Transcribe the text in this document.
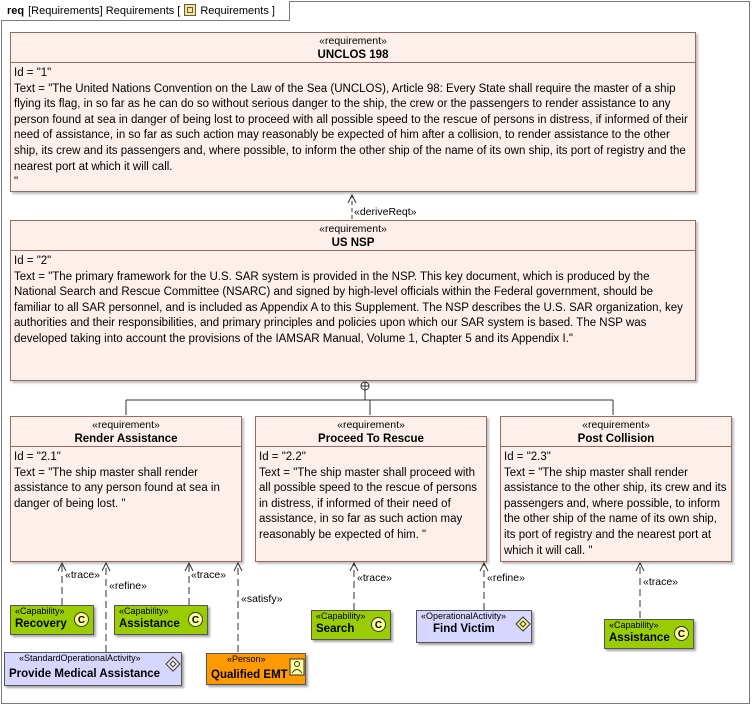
req [Requirements] Requirements [ Requirements ]
«deriveReqt»
«trace»
«refine»
«trace»
«satisfy»
«trace»	«refine»	«trace»
«requirement»
UNCLOS 198
Id = "1"
Text = "The United Nations Convention on the Law of the Sea (UNCLOS), Article 98: Every State shall require the master of a ship flying its flag, in so far as he can do so without serious danger to the ship, the crew or the passengers to render assistance to any person found at sea in danger of being lost to proceed with all possible speed to the rescue of persons in distress, if informed of their need of assistance, in so far as such action may reasonably be expected of him after a collision, to render assistance to the other ship, its crew and its passengers and, where possible, to inform the other ship of the name of its own ship, its port of registry and the nearest port at which it will call.
"
«requirement»
US NSP
Id = "2"
Text = "The primary framework for the U.S. SAR system is provided in the NSP. This key document, which is produced by the National Search and Rescue Committee (NSARC) and signed by high-level officials within the Federal government, should be familiar to all SAR personnel, and is included as Appendix A to this Supplement. The NSP describes the U.S. SAR organization, key authorities and their responsibilities, and primary principles and policies upon which our SAR system is based. The NSP was developed taking into account the provisions of the IAMSAR Manual, Volume 1, Chapter 5 and its Appendix I."
«requirement»
Render Assistance
Id = "2.1"
Text = "The ship master shall render assistance to any person found at sea in danger of being lost. "
«requirement»
Proceed To Rescue
Id = "2.2"
Text = "The ship master shall proceed with all possible speed to the rescue of persons in distress, if informed of their need of assistance, in so far as such action may reasonably be expected of him. "
«requirement»
Post Collision
Id = "2.3"
Text = "The ship master shall render assistance to the other ship, its crew and its passengers and, where possible, to inform the other ship of the name of its own ship, its port of registry and the nearest port at which it will call. "
«Capability»
Recovery	C
«Capability»
Assistance	C	«Capability»
Search	C
«OperationalActivity»
Find Victim	«Capability»
Assistance C
«StandardOperationalActivity»
Provide Medical Assistance
«Person»
Qualified EMT
